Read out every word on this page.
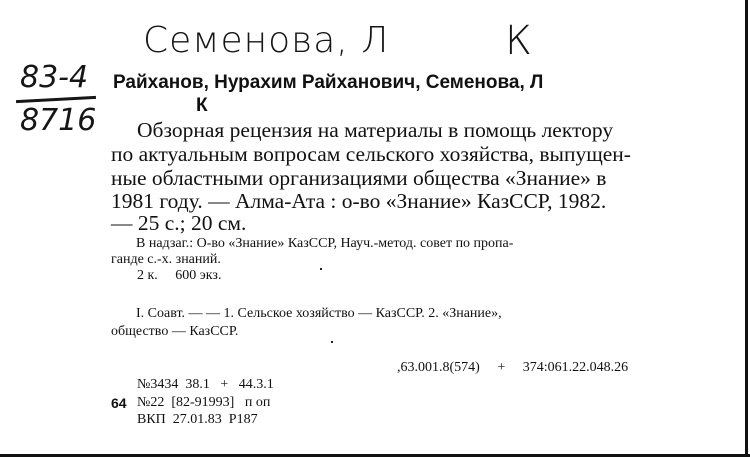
Семенова, Л	К
83-4
8716
Райханов, Нурахим Райханович, Семенова, Л
К
Обзорная рецензия на материалы в помощь лектору
по актуальным вопросам сельского хозяйства, выпущен-
ные областными организациями общества «Знание» в
1981 году. — Алма-Ата : о-во «Знание» КазССР, 1982.
— 25 с.; 20 см.
В надзаг.: О-во «Знание» КазССР, Науч.-метод. совет по пропа-
ганде с.-х. знаний.
2 к.     600 экз.
I. Соавт. — — 1. Сельское хозяйство — КазССР. 2. «Знание»,
общество — КазССР.
,63.001.8(574)     +     374:061.22.048.26
№3434  38.1   +   44.3.1
64 №22  [82-91993]   п оп
ВКП  27.01.83  Р187
